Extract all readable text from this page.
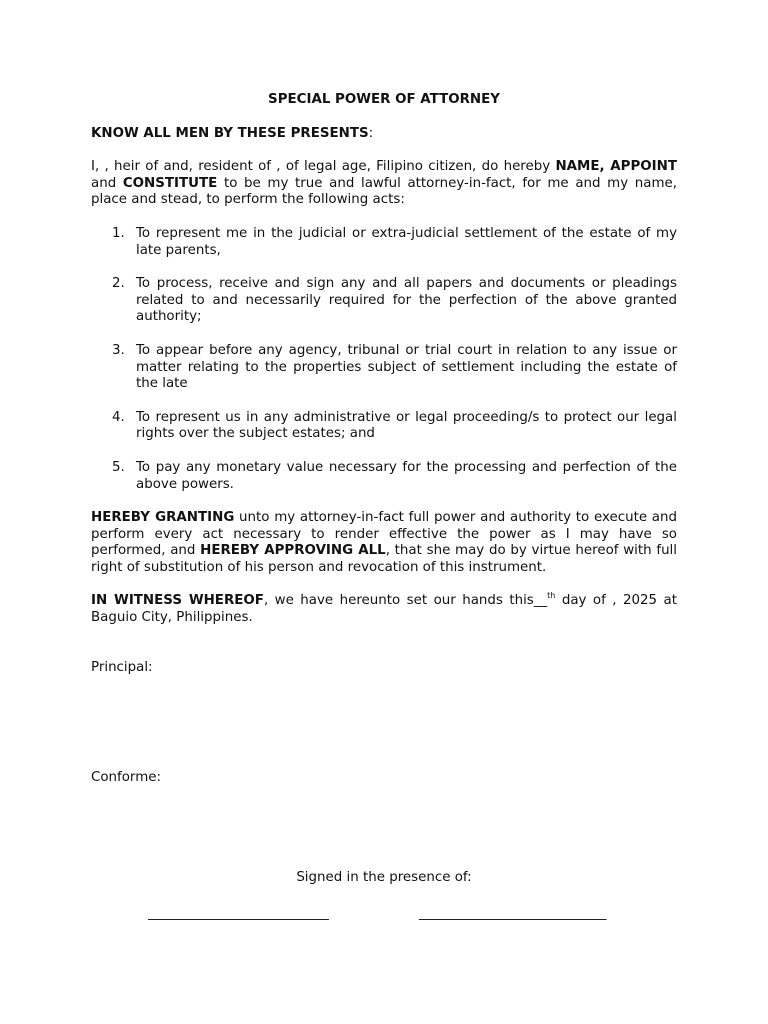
SPECIAL POWER OF ATTORNEY
KNOW ALL MEN BY THESE PRESENTS:
I, , heir of and, resident of , of legal age, Filipino citizen, do hereby NAME, APPOINT and CONSTITUTE to be my true and lawful attorney-in-fact, for me and my name, place and stead, to perform the following acts:
1. To represent me in the judicial or extra-judicial settlement of the estate of my late parents,
2. To process, receive and sign any and all papers and documents or pleadings related to and necessarily required for the perfection of the above granted authority;
3. To appear before any agency, tribunal or trial court in relation to any issue or matter relating to the properties subject of settlement including the estate of the late
4. To represent us in any administrative or legal proceeding/s to protect our legal rights over the subject estates; and
5. To pay any monetary value necessary for the processing and perfection of the above powers.
HEREBY GRANTING unto my attorney-in-fact full power and authority to execute and perform every act necessary to render effective the power as I may have so performed, and HEREBY APPROVING ALL, that she may do by virtue hereof with full right of substitution of his person and revocation of this instrument.
IN WITNESS WHEREOF, we have hereunto set our hands this__$^{th}$ day of , 2025 at Baguio City, Philippines.
Principal:
Conforme:
Signed in the presence of:
___________________________	____________________________
